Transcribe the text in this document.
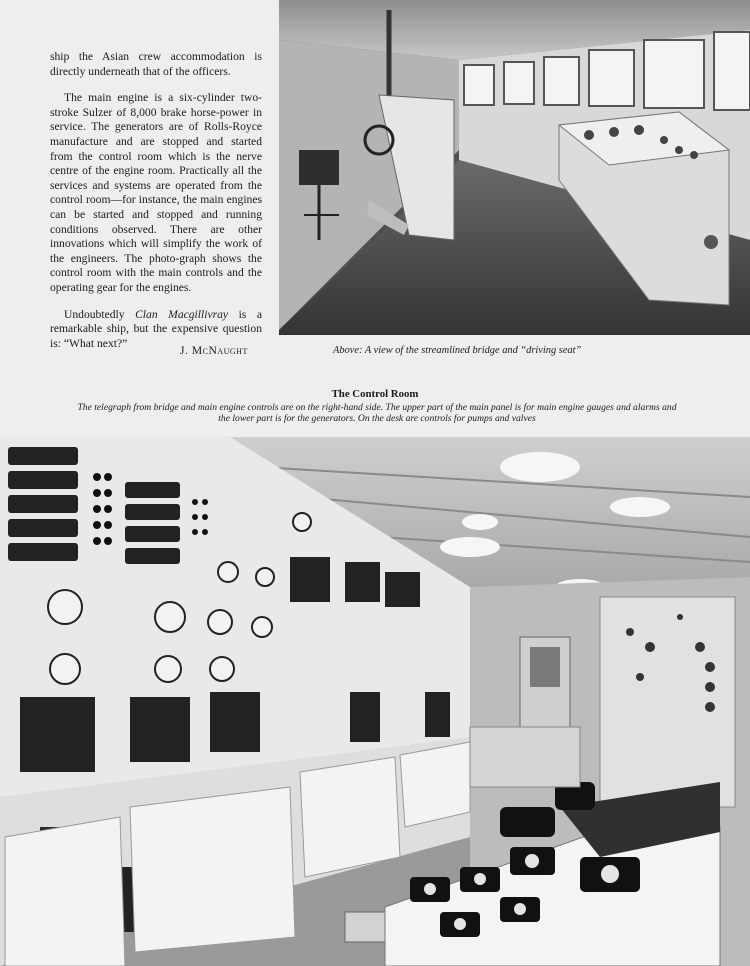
ship the Asian crew accommodation is directly underneath that of the officers.

The main engine is a six-cylinder two-stroke Sulzer of 8,000 brake horse-power in service. The generators are of Rolls-Royce manufacture and are stopped and started from the control room which is the nerve centre of the engine room. Practically all the services and systems are operated from the control room—for instance, the main engines can be started and stopped and running conditions observed. There are other innovations which will simplify the work of the engineers. The photo-graph shows the control room with the main controls and the operating gear for the engines.

Undoubtedly Clan Macgillivray is a remarkable ship, but the expensive question is: “What next?”

J. McNaught	Above: A view of the streamlined bridge and “driving seat”
The Control Room
The telegraph from bridge and main engine controls are on the right-hand side. The upper part of the main panel is for main engine gauges and alarms and the lower part is for the generators. On the desk are controls for pumps and valves
